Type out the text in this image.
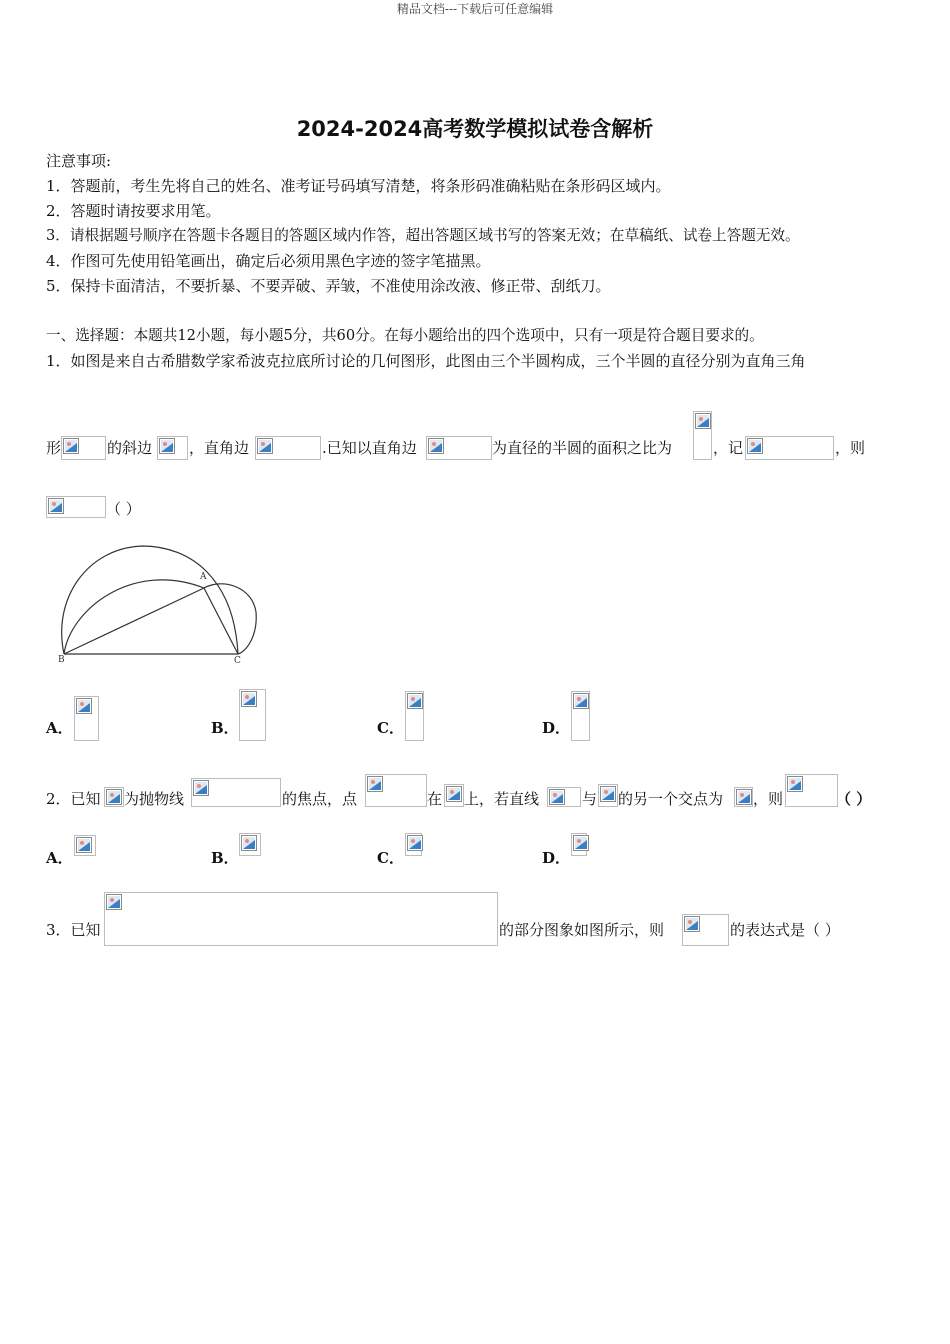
精品文档---下载后可任意编辑
2024-2024高考数学模拟试卷含解析
注意事项:
1．答题前，考生先将自己的姓名、准考证号码填写清楚，将条形码准确粘贴在条形码区域内。
2．答题时请按要求用笔。
3．请根据题号顺序在答题卡各题目的答题区域内作答，超出答题区域书写的答案无效；在草稿纸、试卷上答题无效。
4．作图可先使用铅笔画出，确定后必须用黑色字迹的签字笔描黑。
5．保持卡面清洁，不要折暴、不要弄破、弄皱，不准使用涂改液、修正带、刮纸刀。
一、选择题：本题共12小题，每小题5分，共60分。在每小题给出的四个选项中，只有一项是符合题目要求的。
1．如图是来自古希腊数学家希波克拉底所讨论的几何图形，此图由三个半圆构成，三个半圆的直径分别为直角三角
形	的斜边 ，直角边	.已知以直角边	为直径的半圆的面积之比为	，记	，则
（ ）
A
B	C
A．	B．	C．	D．
2．已知 为抛物线	的焦点，点	在 上，若直线	与 的另一个交点为 ，则	（ ）
A．	B．	C．	D．
3．已知	的部分图象如图所示，则	的表达式是（ ）
